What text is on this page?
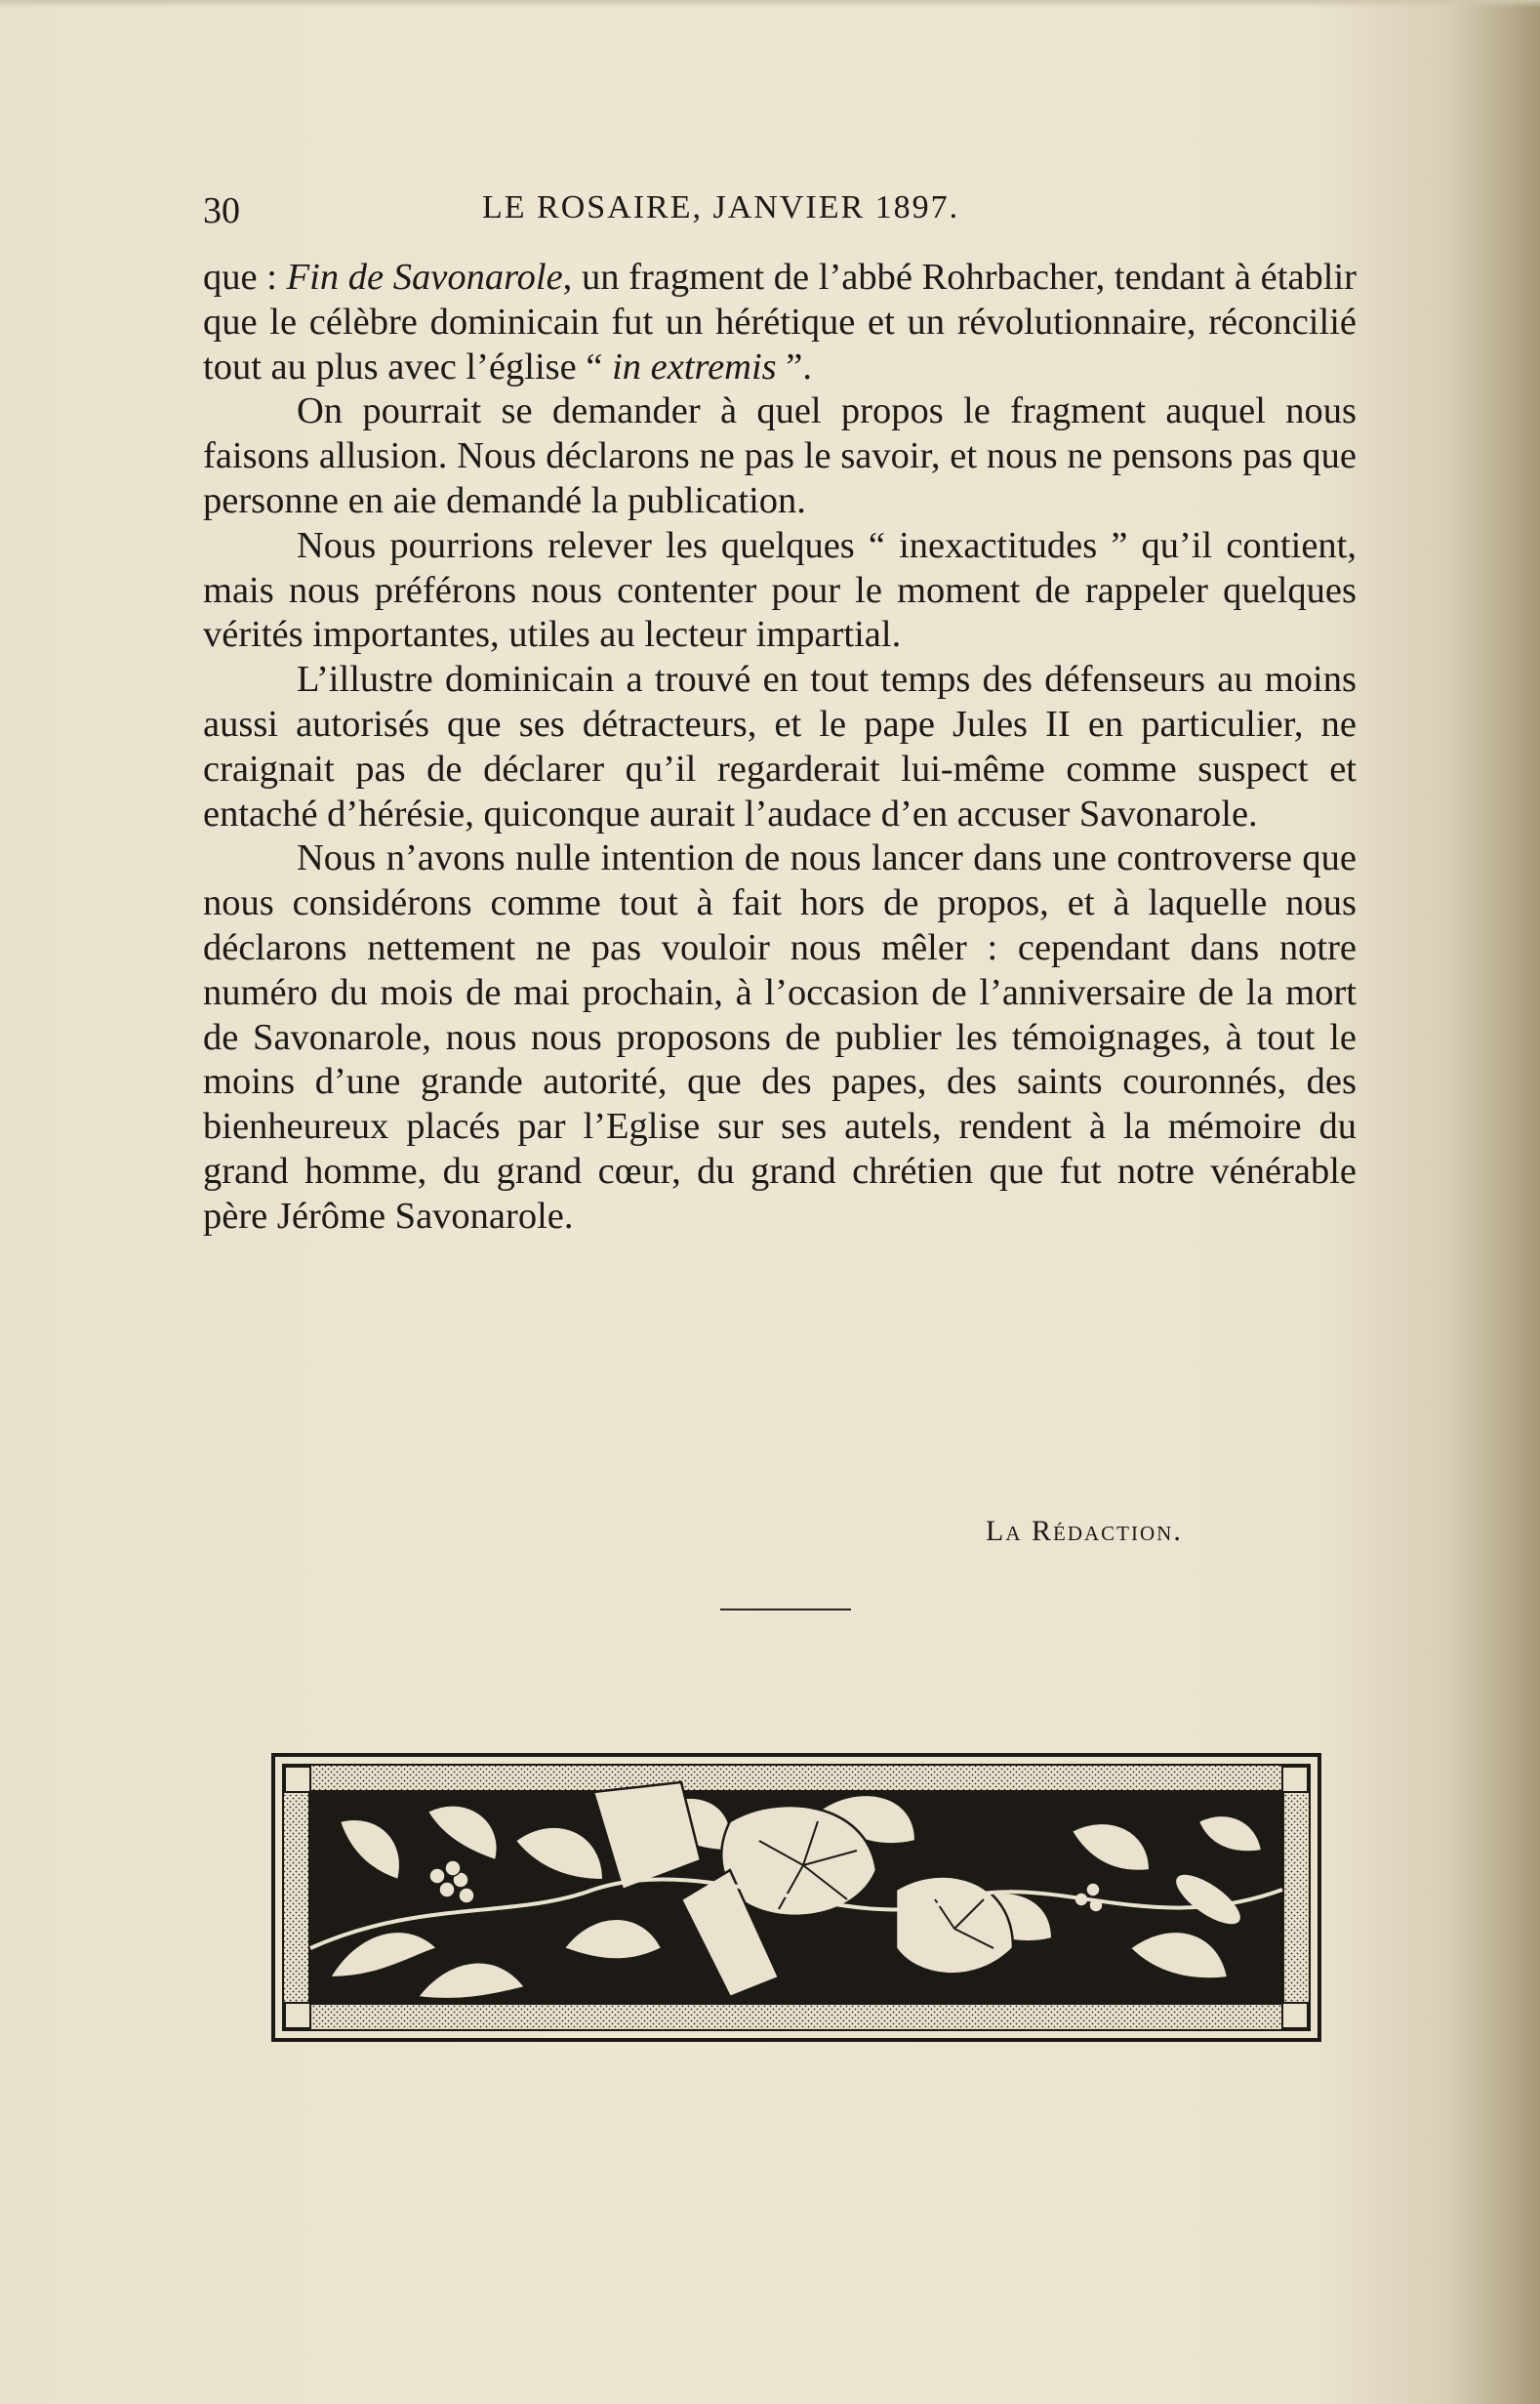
30	LE ROSAIRE, JANVIER 1897.

que : Fin de Savonarole, un fragment de l’abbé Rohrbacher, tendant à établir que le célèbre dominicain fut un hérétique et un révolutionnaire, réconcilié tout au plus avec l’église “ in extremis ”.

On pourrait se demander à quel propos le fragment auquel nous faisons allusion. Nous déclarons ne pas le savoir, et nous ne pensons pas que personne en aie demandé la publication.

Nous pourrions relever les quelques “ inexactitudes ” qu’il contient, mais nous préférons nous contenter pour le moment de rappeler quelques vérités importantes, utiles au lecteur impartial.

L’illustre dominicain a trouvé en tout temps des défenseurs au moins aussi autorisés que ses détracteurs, et le pape Jules II en particulier, ne craignait pas de déclarer qu’il regarderait lui-même comme suspect et entaché d’hérésie, quiconque aurait l’audace d’en accuser Savonarole.

Nous n’avons nulle intention de nous lancer dans une controverse que nous considérons comme tout à fait hors de propos, et à laquelle nous déclarons nettement ne pas vouloir nous mêler : cependant dans notre numéro du mois de mai prochain, à l’occasion de l’anniversaire de la mort de Savonarole, nous nous proposons de publier les témoignages, à tout le moins d’une grande autorité, que des papes, des saints couronnés, des bienheureux placés par l’Eglise sur ses autels, rendent à la mémoire du grand homme, du grand cœur, du grand chrétien que fut notre vénérable père Jérôme Savonarole.

La Rédaction.
